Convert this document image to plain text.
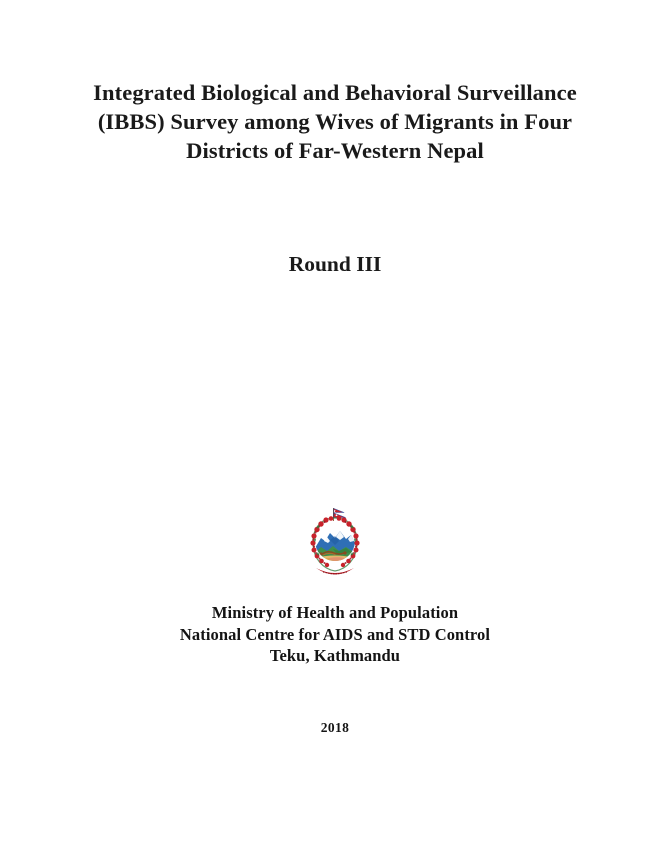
Integrated Biological and Behavioral Surveillance
(IBBS) Survey among Wives of Migrants in Four
Districts of Far-Western Nepal
Round III
Ministry of Health and Population
National Centre for AIDS and STD Control
Teku, Kathmandu
2018
